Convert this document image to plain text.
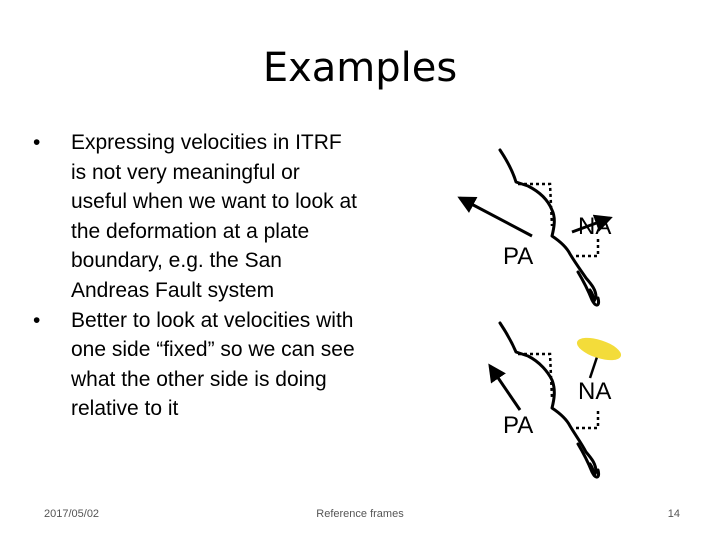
Examples
• Expressing velocities in ITRF is not very meaningful or useful when we want to look at the deformation at a plate boundary, e.g. the San Andreas Fault system
• Better to look at velocities with one side “fixed” so we can see what the other side is doing relative to it
PA
NA
PA
NA
2017/05/02	Reference frames	14
